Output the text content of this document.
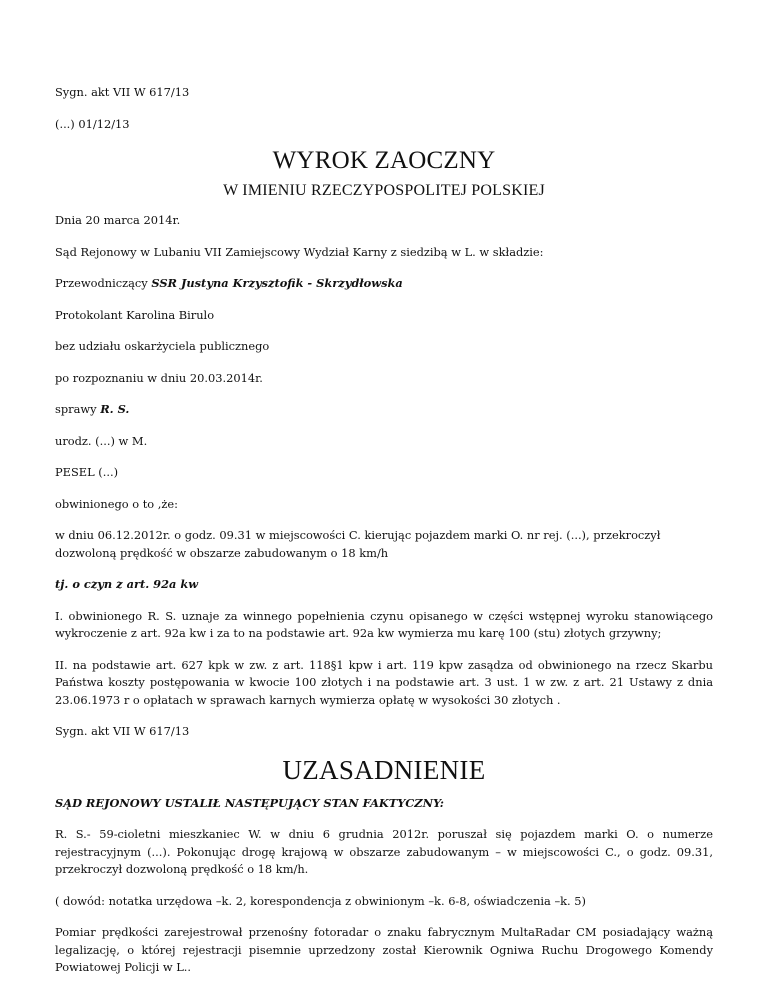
Sygn. akt VII W 617/13

(...) 01/12/13

WYROK ZAOCZNY
W IMIENIU RZECZYPOSPOLITEJ POLSKIEJ

Dnia 20 marca 2014r.

Sąd Rejonowy w Lubaniu VII Zamiejscowy Wydział Karny z siedzibą w L. w składzie:

Przewodniczący SSR Justyna Krzysztofik - Skrzydłowska

Protokolant Karolina Birulo

bez udziału oskarżyciela publicznego

po rozpoznaniu w dniu 20.03.2014r.

sprawy R. S.

urodz. (...) w M.

PESEL (...)

obwinionego o to ,że:

w dniu 06.12.2012r. o godz. 09.31 w miejscowości C. kierując pojazdem marki O. nr rej. (...), przekroczył dozwoloną prędkość w obszarze zabudowanym o 18 km/h

tj. o czyn z art. 92a kw

I. obwinionego R. S. uznaje za winnego popełnienia czynu opisanego w części wstępnej wyroku stanowiącego wykroczenie z art. 92a kw i za to na podstawie art. 92a kw wymierza mu karę 100 (stu) złotych grzywny;

II. na podstawie art. 627 kpk w zw. z art. 118§1 kpw i art. 119 kpw zasądza od obwinionego na rzecz Skarbu Państwa koszty postępowania w kwocie 100 złotych i na podstawie art. 3 ust. 1 w zw. z art. 21 Ustawy z dnia 23.06.1973 r o opłatach w sprawach karnych wymierza opłatę w wysokości 30 złotych .

Sygn. akt VII W 617/13

UZASADNIENIE

SĄD REJONOWY USTALIŁ NASTĘPUJĄCY STAN FAKTYCZNY:

R. S.- 59-cioletni mieszkaniec W. w dniu 6 grudnia 2012r. poruszał się pojazdem marki O. o numerze rejestracyjnym (...). Pokonując drogę krajową w obszarze zabudowanym – w miejscowości C., o godz. 09.31, przekroczył dozwoloną prędkość o 18 km/h.

( dowód: notatka urzędowa –k. 2, korespondencja z obwinionym –k. 6-8, oświadczenia –k. 5)

Pomiar prędkości zarejestrował przenośny fotoradar o znaku fabrycznym MultaRadar CM posiadający ważną legalizację, o której rejestracji pisemnie uprzedzony został Kierownik Ogniwa Ruchu Drogowego Komendy Powiatowej Policji w L..
